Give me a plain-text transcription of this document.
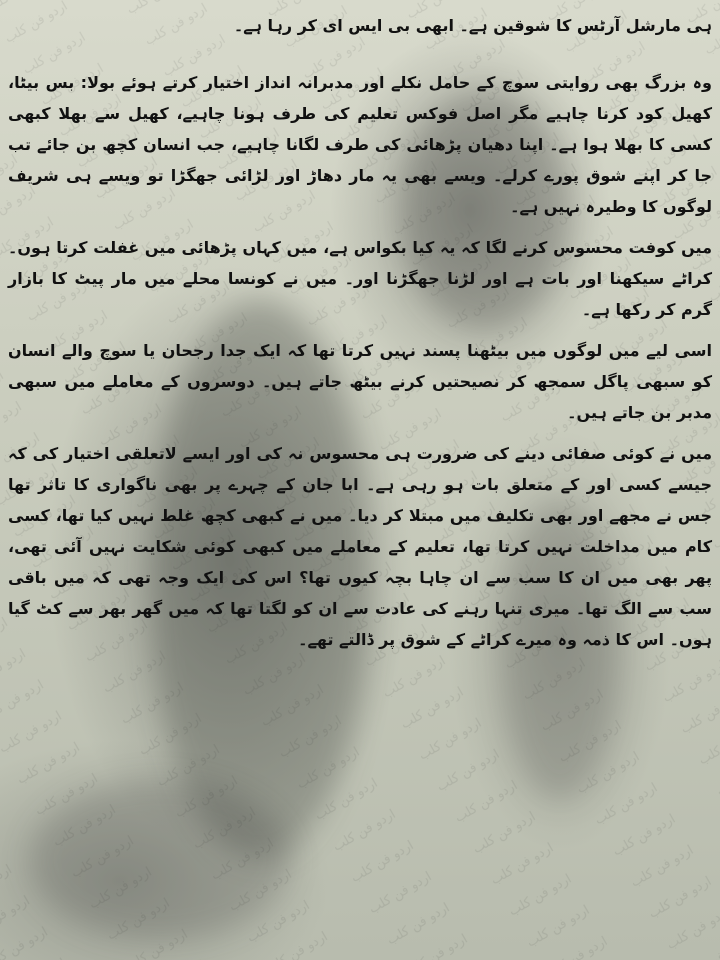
ہی مارشل آرٹس کا شوقین ہے۔ ابھی بی ایس ای کر رہا ہے۔

وہ بزرگ بھی روایتی سوچ کے حامل نکلے اور مدبرانہ انداز اختیار کرتے ہوئے بولا: بس بیٹا، کھیل کود کرنا چاہیے مگر اصل فوکس تعلیم کی طرف ہونا چاہیے، کھیل سے بھلا کبھی کسی کا بھلا ہوا ہے۔ اپنا دھیان پڑھائی کی طرف لگانا چاہیے، جب انسان کچھ بن جائے تب جا کر اپنے شوق پورے کرلے۔ ویسے بھی یہ مار دھاڑ اور لڑائی جھگڑا تو ویسے ہی شریف لوگوں کا وطیرہ نہیں ہے۔

میں کوفت محسوس کرنے لگا کہ یہ کیا بکواس ہے، میں کہاں پڑھائی میں غفلت کرتا ہوں۔ کراٹے سیکھنا اور بات ہے اور لڑنا جھگڑنا اور۔ میں نے کونسا محلے میں مار پیٹ کا بازار گرم کر رکھا ہے۔

اسی لیے میں لوگوں میں بیٹھنا پسند نہیں کرتا تھا کہ ایک جدا رجحان یا سوچ والے انسان کو سبھی پاگل سمجھ کر نصیحتیں کرنے بیٹھ جاتے ہیں۔ دوسروں کے معاملے میں سبھی مدبر بن جاتے ہیں۔

میں نے کوئی صفائی دینے کی ضرورت ہی محسوس نہ کی اور ایسے لاتعلقی اختیار کی کہ جیسے کسی اور کے متعلق بات ہو رہی ہے۔ ابا جان کے چہرے پر بھی ناگواری کا تاثر تھا جس نے مجھے اور بھی تکلیف میں مبتلا کر دیا۔ میں نے کبھی کچھ غلط نہیں کیا تھا، کسی کام میں مداخلت نہیں کرتا تھا، تعلیم کے معاملے میں کبھی کوئی شکایت نہیں آئی تھی، پھر بھی میں ان کا سب سے ان چاہا بچہ کیوں تھا؟ اس کی ایک وجہ تھی کہ میں باقی سب سے الگ تھا۔ میری تنہا رہنے کی عادت سے ان کو لگتا تھا کہ میں گھر بھر سے کٹ گیا ہوں۔ اس کا ذمہ وہ میرے کراٹے کے شوق پر ڈالتے تھے۔
